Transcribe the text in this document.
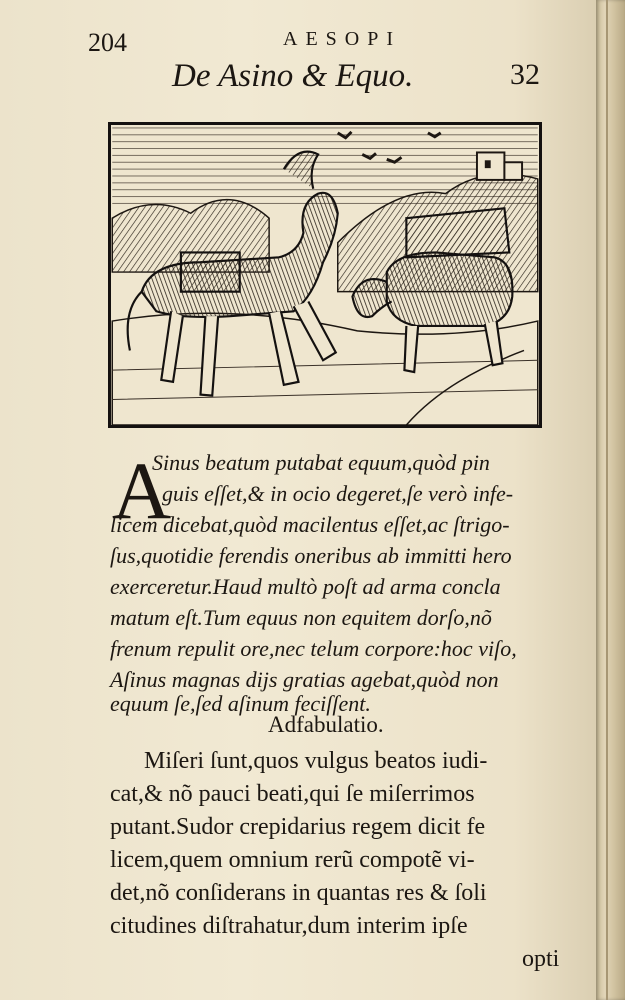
204	AESOPI
De Asino & Equo.	32
A
Sinus beatum putabat equum,quòd pin
guis eſſet,& in ocio degeret,ſe verò infe-
licem dicebat,quòd macilentus eſſet,ac ſtrigo-
ſus,quotidie ferendis oneribus ab immitti hero
exerceretur.Haud multò poſt ad arma concla
matum eſt.Tum equus non equitem dorſo,nõ
frenum repulit ore,nec telum corpore:hoc viſo,
Aſinus magnas dijs gratias agebat,quòd non
equum ſe,ſed aſinum feciſſent.
Adfabulatio.
Miſeri ſunt,quos vulgus beatos iudi-
cat,& nõ pauci beati,qui ſe miſerrimos
putant.Sudor crepidarius regem dicit fe
licem,quem omnium rerũ compotẽ vi-
det,nõ conſiderans in quantas res & ſoli
citudines diſtrahatur,dum interim ipſe
opti
